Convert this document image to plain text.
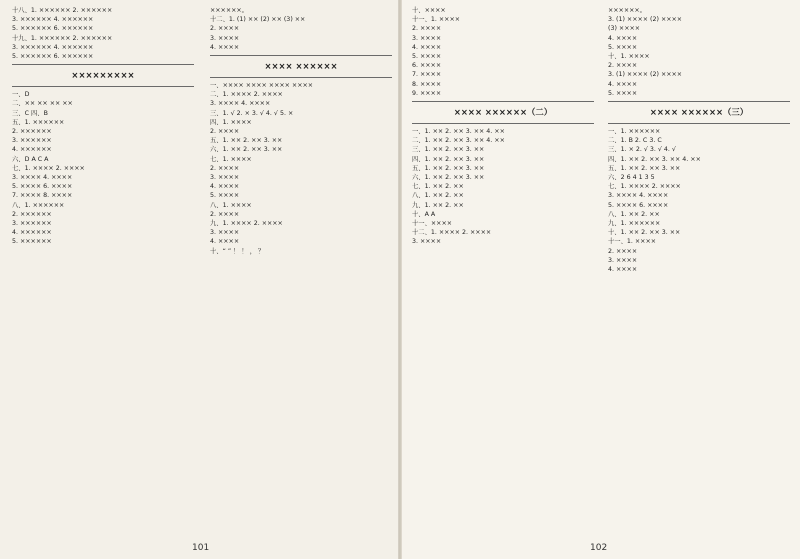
十八、1. ×××××× 2. ××××××
3. ×××××× 4. ××××××
5. ×××××× 6. ××××××
十九、1. ×××××× 2. ××××××
3. ×××××× 4. ××××××
5. ×××××× 6. ××××××
×××××××××
一、D
二、×× ×× ×× ××
三、C 四、B
五、1. ××××××
2. ××××××
3. ××××××
4. ××××××
六、D A C A
七、1. ×××× 2. ××××
3. ×××× 4. ××××
5. ×××× 6. ××××
7. ×××× 8. ××××
八、1. ××××××
2. ××××××
3. ××××××
4. ××××××
5. ××××××
××××××。
十二、1. (1) ×× (2) ×× (3) ××
2. ××××
3. ××××
4. ××××
×××× ××××××
一、×××× ×××× ×××× ××××
二、1. ×××× 2. ××××
3. ×××× 4. ××××
三、1. √ 2. × 3. √ 4. √ 5. ×
四、1. ××××
2. ××××
五、1. ×× 2. ×× 3. ××
六、1. ×× 2. ×× 3. ××
七、1. ××××
2. ××××
3. ××××
4. ××××
5. ××××
八、1. ××××
2. ××××
九、1. ×××× 2. ××××
3. ××××
4. ××××
十、“ ” ！ ！ ， ？
101
十、××××
十一、1. ××××
2. ××××
3. ××××
4. ××××
5. ××××
6. ××××
7. ××××
8. ××××
9. ××××
×××× ××××××（二）
一、1. ×× 2. ×× 3. ×× 4. ××
二、1. ×× 2. ×× 3. ×× 4. ××
三、1. ×× 2. ×× 3. ××
四、1. ×× 2. ×× 3. ××
五、1. ×× 2. ×× 3. ××
六、1. ×× 2. ×× 3. ××
七、1. ×× 2. ××
八、1. ×× 2. ××
九、1. ×× 2. ××
十、A A
十一、××××
十二、1. ×××× 2. ××××
3. ××××
××××××。
3. (1) ×××× (2) ××××
(3) ××××
4. ××××
5. ××××
十、1. ××××
2. ××××
3. (1) ×××× (2) ××××
4. ××××
5. ××××
×××× ××××××（三）
一、1. ××××××
二、1. B 2. C 3. C
三、1. × 2. √ 3. √ 4. √
四、1. ×× 2. ×× 3. ×× 4. ××
五、1. ×× 2. ×× 3. ××
六、2 6 4 1 3 5
七、1. ×××× 2. ××××
3. ×××× 4. ××××
5. ×××× 6. ××××
八、1. ×× 2. ××
九、1. ××××××
十、1. ×× 2. ×× 3. ××
十一、1. ××××
2. ××××
3. ××××
4. ××××
102
